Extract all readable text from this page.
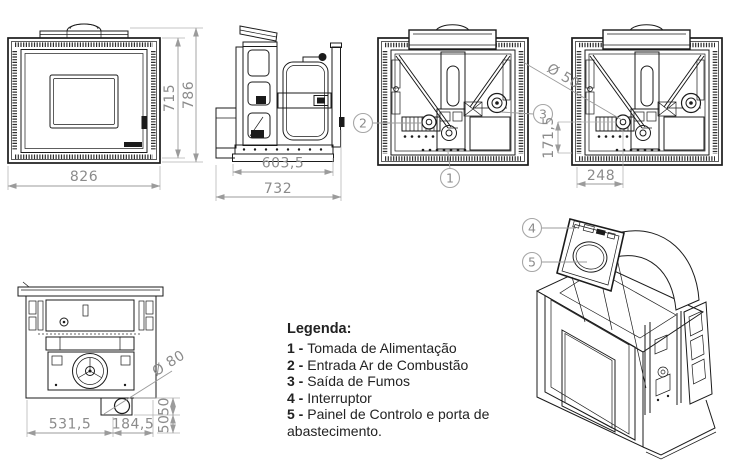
826
715 786
603,5
732
1
2
3
Ø 50
171,5
248
Ø 80
531,5 184,5
50
50
4
5
Legenda:
1 - Tomada de Alimentação
2 - Entrada Ar de Combustão
3 - Saída de Fumos
4 - Interruptor
5 - Painel de Controlo e porta de abastecimento.
